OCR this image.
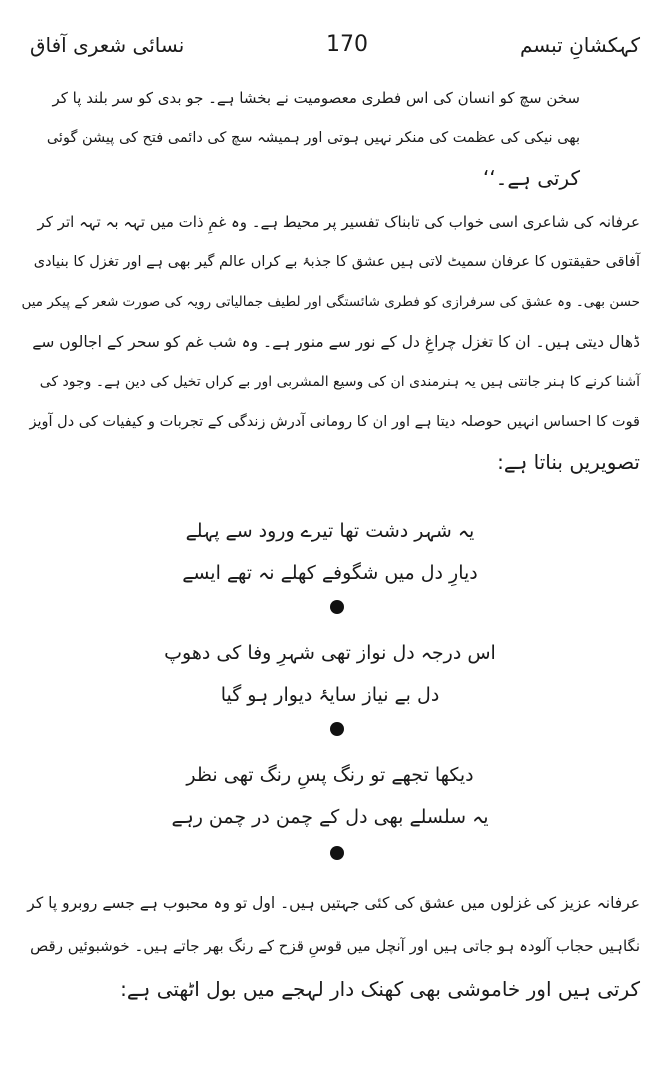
کہکشانِ تبسم
170
نسائی شعری آفاق
سخن سچ کو انسان کی اس فطری معصومیت نے بخشا ہے۔ جو بدی کو سر بلند پا کر
بھی نیکی کی عظمت کی منکر نہیں ہوتی اور ہمیشہ سچ کی دائمی فتح کی پیشن گوئی
کرتی ہے۔‘‘
عرفانہ کی شاعری اسی خواب کی تابناک تفسیر پر محیط ہے۔ وہ غمِ ذات میں تہہ بہ تہہ اتر کر
آفاقی حقیقتوں کا عرفان سمیٹ لاتی ہیں عشق کا جذبۂ بے کراں عالم گیر بھی ہے اور تغزل کا بنیادی
حسن بھی۔ وہ عشق کی سرفرازی کو فطری شائستگی اور لطیف جمالیاتی رویہ کی صورت شعر کے پیکر میں
ڈھال دیتی ہیں۔ ان کا تغزل چراغِ دل کے نور سے منور ہے۔ وہ شب غم کو سحر کے اجالوں سے
آشنا کرنے کا ہنر جانتی ہیں یہ ہنرمندی ان کی وسیع المشربی اور بے کراں تخیل کی دین ہے۔ وجود کی
قوت کا احساس انہیں حوصلہ دیتا ہے اور ان کا رومانی آدرش زندگی کے تجربات و کیفیات کی دل آویز
تصویریں بناتا ہے:
یہ شہر دشت تھا تیرے ورود سے پہلے
دیارِ دل میں شگوفے کھلے نہ تھے ایسے
اس درجہ دل نواز تھی شہرِ وفا کی دھوپ
دل بے نیاز سایۂ دیوار ہو گیا
دیکھا تجھے تو رنگ پسِ رنگ تھی نظر
یہ سلسلے بھی دل کے چمن در چمن رہے
عرفانہ عزیز کی غزلوں میں عشق کی کئی جہتیں ہیں۔ اول تو وہ محبوب ہے جسے روبرو پا کر
نگاہیں حجاب آلودہ ہو جاتی ہیں اور آنچل میں قوسِ قزح کے رنگ بھر جاتے ہیں۔ خوشبوئیں رقص
کرتی ہیں اور خاموشی بھی کھنک دار لہجے میں بول اٹھتی ہے:
